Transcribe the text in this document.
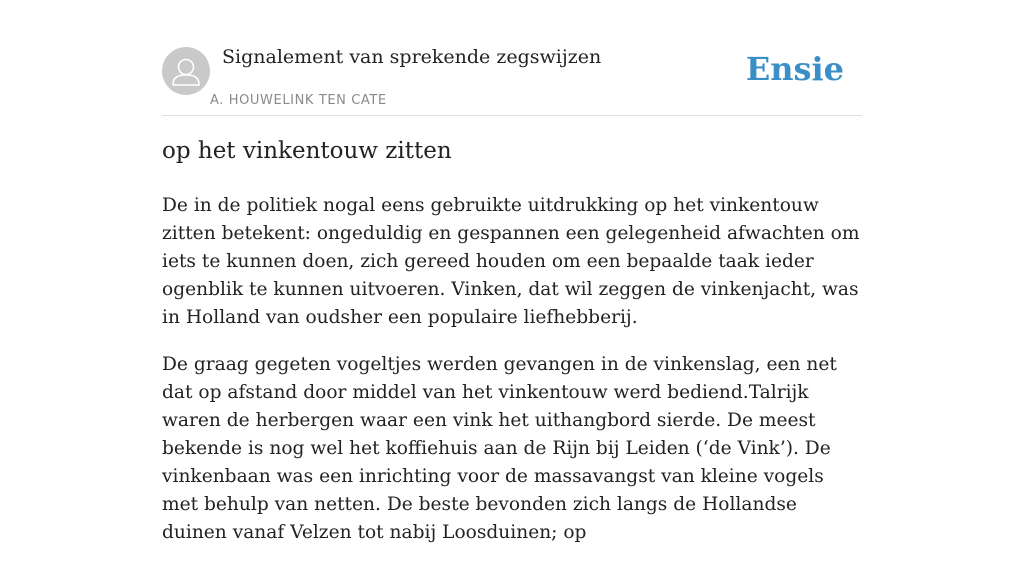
Signalement van sprekende zegswijzen
A. HOUWELINK TEN CATE
Ensie
op het vinkentouw zitten

De in de politiek nogal eens gebruikte uitdrukking op het vinkentouw zitten betekent: ongeduldig en gespannen een gelegenheid afwachten om iets te kunnen doen, zich gereed houden om een bepaalde taak ieder ogenblik te kunnen uitvoeren. Vinken, dat wil zeggen de vinkenjacht, was in Holland van oudsher een populaire liefhebberij.

De graag gegeten vogeltjes werden gevangen in de vinkenslag, een net dat op afstand door middel van het vinkentouw werd bediend.Talrijk waren de herbergen waar een vink het uithangbord sierde. De meest bekende is nog wel het koffiehuis aan de Rijn bij Leiden (‘de Vink’). De vinkenbaan was een inrichting voor de massavangst van kleine vogels met behulp van netten. De beste bevonden zich langs de Hollandse duinen vanaf Velzen tot nabij Loosduinen; op
